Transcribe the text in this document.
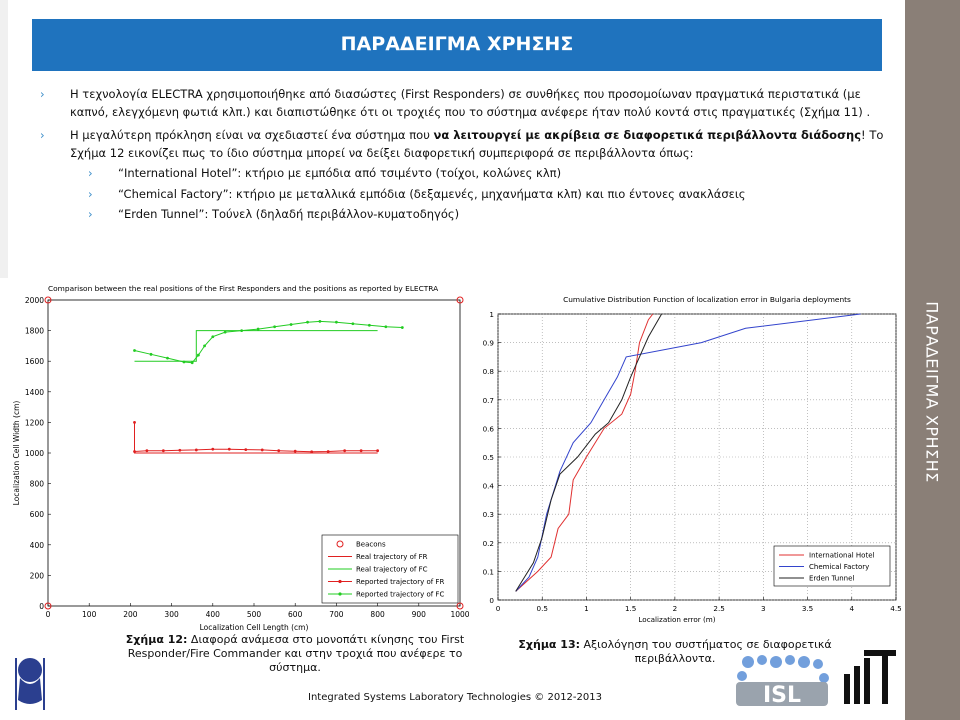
ΠΑΡΑΔΕΙΓΜΑ ΧΡΗΣΗΣ
ΠΑΡΑΔΕΙΓΜΑ ΧΡΗΣΗΣ

› Η τεχνολογία ELECTRA χρησιμοποιήθηκε από διασώστες (First Responders) σε συνθήκες που προσομοίωναν πραγματικά περιστατικά (με καπνό, ελεγχόμενη φωτιά κλπ.) και διαπιστώθηκε ότι οι τροχιές που το σύστημα ανέφερε ήταν πολύ κοντά στις πραγματικές (Σχήμα 11) .

› Η μεγαλύτερη πρόκληση είναι να σχεδιαστεί ένα σύστημα που να λειτουργεί με ακρίβεια σε διαφορετικά περιβάλλοντα διάδοσης! Το Σχήμα 12 εικονίζει πως το ίδιο σύστημα μπορεί να δείξει διαφορετική συμπεριφορά σε περιβάλλοντα όπως:

› “International Hotel”: κτήριο με εμπόδια από τσιμέντο (τοίχοι, κολώνες κλπ)

› “Chemical Factory”: κτήριο με μεταλλικά εμπόδια (δεξαμενές, μηχανήματα κλπ) και πιο έντονες ανακλάσεις

› “Erden Tunnel”: Τούνελ (δηλαδή περιβάλλον-κυματοδηγός)

Comparison between the real positions of the First Responders and the positions as reported by ELECTRA
0	100	200	300	400	500	600	700	800	900	1000
0
200
400
600
800
1000
1200
1400
1600
1800
2000
Localization Cell Length (cm)
Localization Cell Width (cm)
Beacons
Real trajectory of FR
Real trajectory of FC
Reported trajectory of FR
Reported trajectory of FC
Cumulative Distribution Function of localization error in Bulgaria deployments
0	0.5	1	1.5	2	2.5	3	3.5	4	4.5
0
0.1
0.2
0.3
0.4
0.5
0.6
0.7
0.8
0.9
1
Localization error (m)
International Hotel
Chemical Factory
Erden Tunnel
Σχήμα 12: Διαφορά ανάμεσα στο μονοπάτι κίνησης του First Responder/Fire Commander και στην τροχιά που ανέφερε το σύστημα.
Σχήμα 13: Αξιολόγηση του συστήματος σε διαφορετικά περιβάλλοντα.
Integrated Systems Laboratory Technologies © 2012-2013	ISL
